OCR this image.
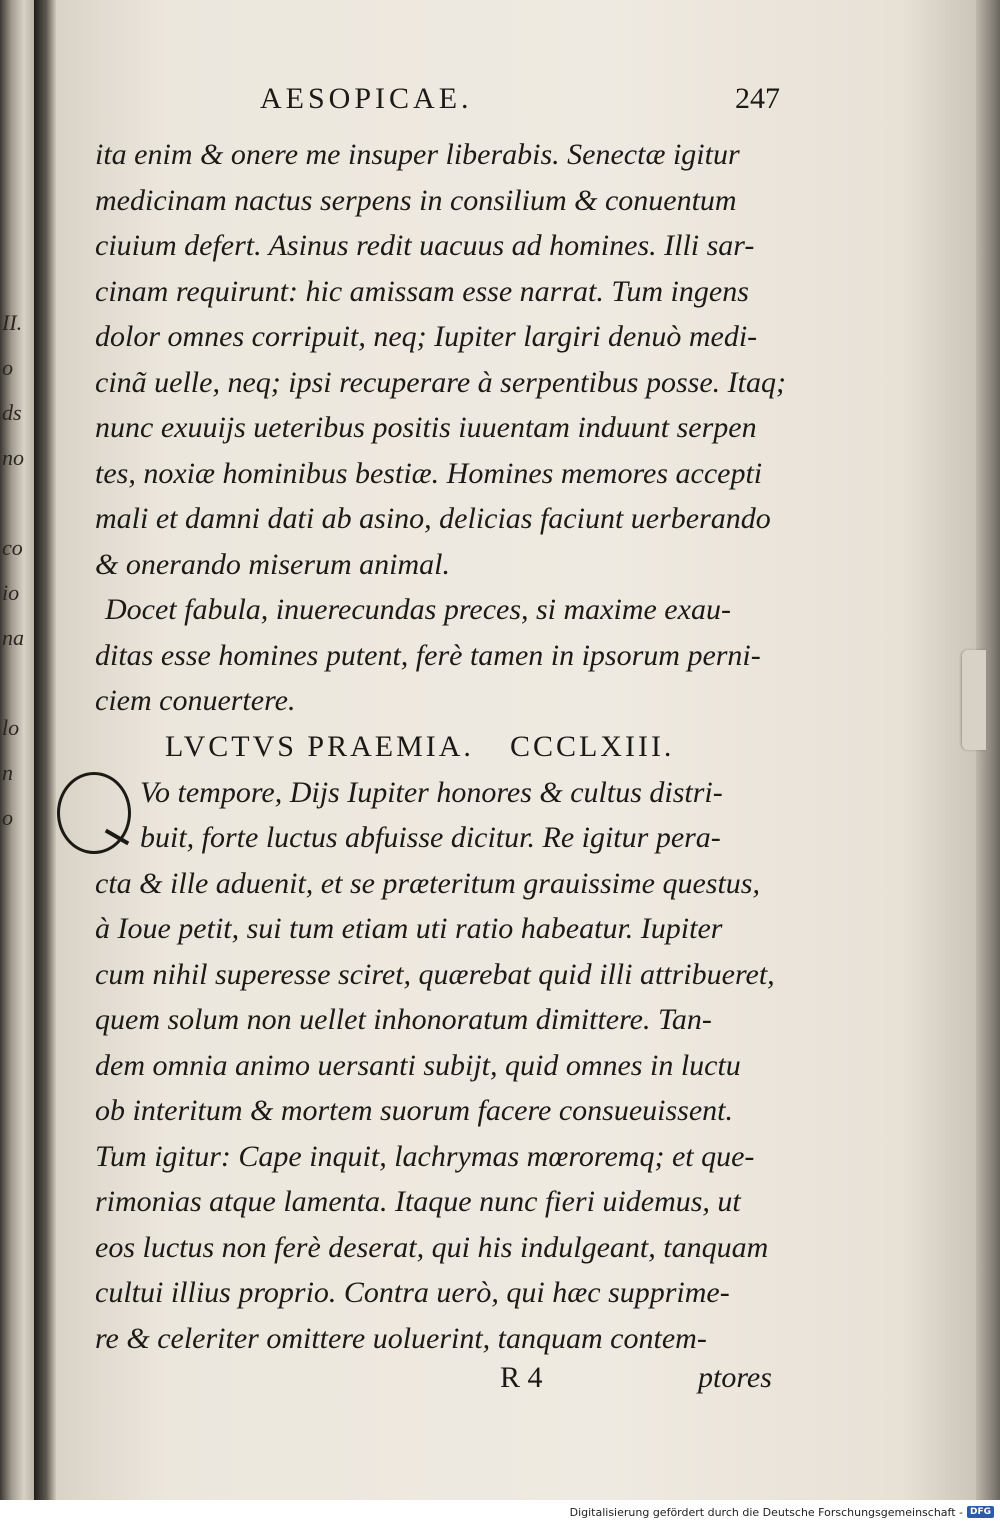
II.
o
ds
no

co
io
na

lo
n
o
AESOPICAE.	247
ita enim & onere me insuper liberabis. Senectæ igitur
medicinam nactus serpens in consilium & conuentum
ciuium defert. Asinus redit uacuus ad homines. Illi sar-
cinam requirunt: hic amissam esse narrat. Tum ingens
dolor omnes corripuit, neq; Iupiter largiri denuò medi-
cinã uelle, neq; ipsi recuperare à serpentibus posse. Itaq;
nunc exuuijs ueteribus positis iuuentam induunt serpen
tes, noxiæ hominibus bestiæ. Homines memores accepti
mali et damni dati ab asino, delicias faciunt uerberando
& onerando miserum animal.
Docet fabula, inuerecundas preces, si maxime exau-
ditas esse homines putent, ferè tamen in ipsorum perni-
ciem conuertere.
LVCTVS PRAEMIA. CCCLXIII.
Vo tempore, Dijs Iupiter honores & cultus distri-
buit, forte luctus abfuisse dicitur. Re igitur pera-
cta & ille aduenit, et se præteritum grauissime questus,
à Ioue petit, sui tum etiam uti ratio habeatur. Iupiter
cum nihil superesse sciret, quærebat quid illi attribueret,
quem solum non uellet inhonoratum dimittere. Tan-
dem omnia animo uersanti subijt, quid omnes in luctu
ob interitum & mortem suorum facere consueuissent.
Tum igitur: Cape inquit, lachrymas mœroremq; et que-
rimonias atque lamenta. Itaque nunc fieri uidemus, ut
eos luctus non ferè deserat, qui his indulgeant, tanquam
cultui illius proprio. Contra uerò, qui hæc supprime-
re & celeriter omittere uoluerint, tanquam contem-
R 4	ptores
Digitalisierung gefördert durch die Deutsche Forschungsgemeinschaft - DFG
